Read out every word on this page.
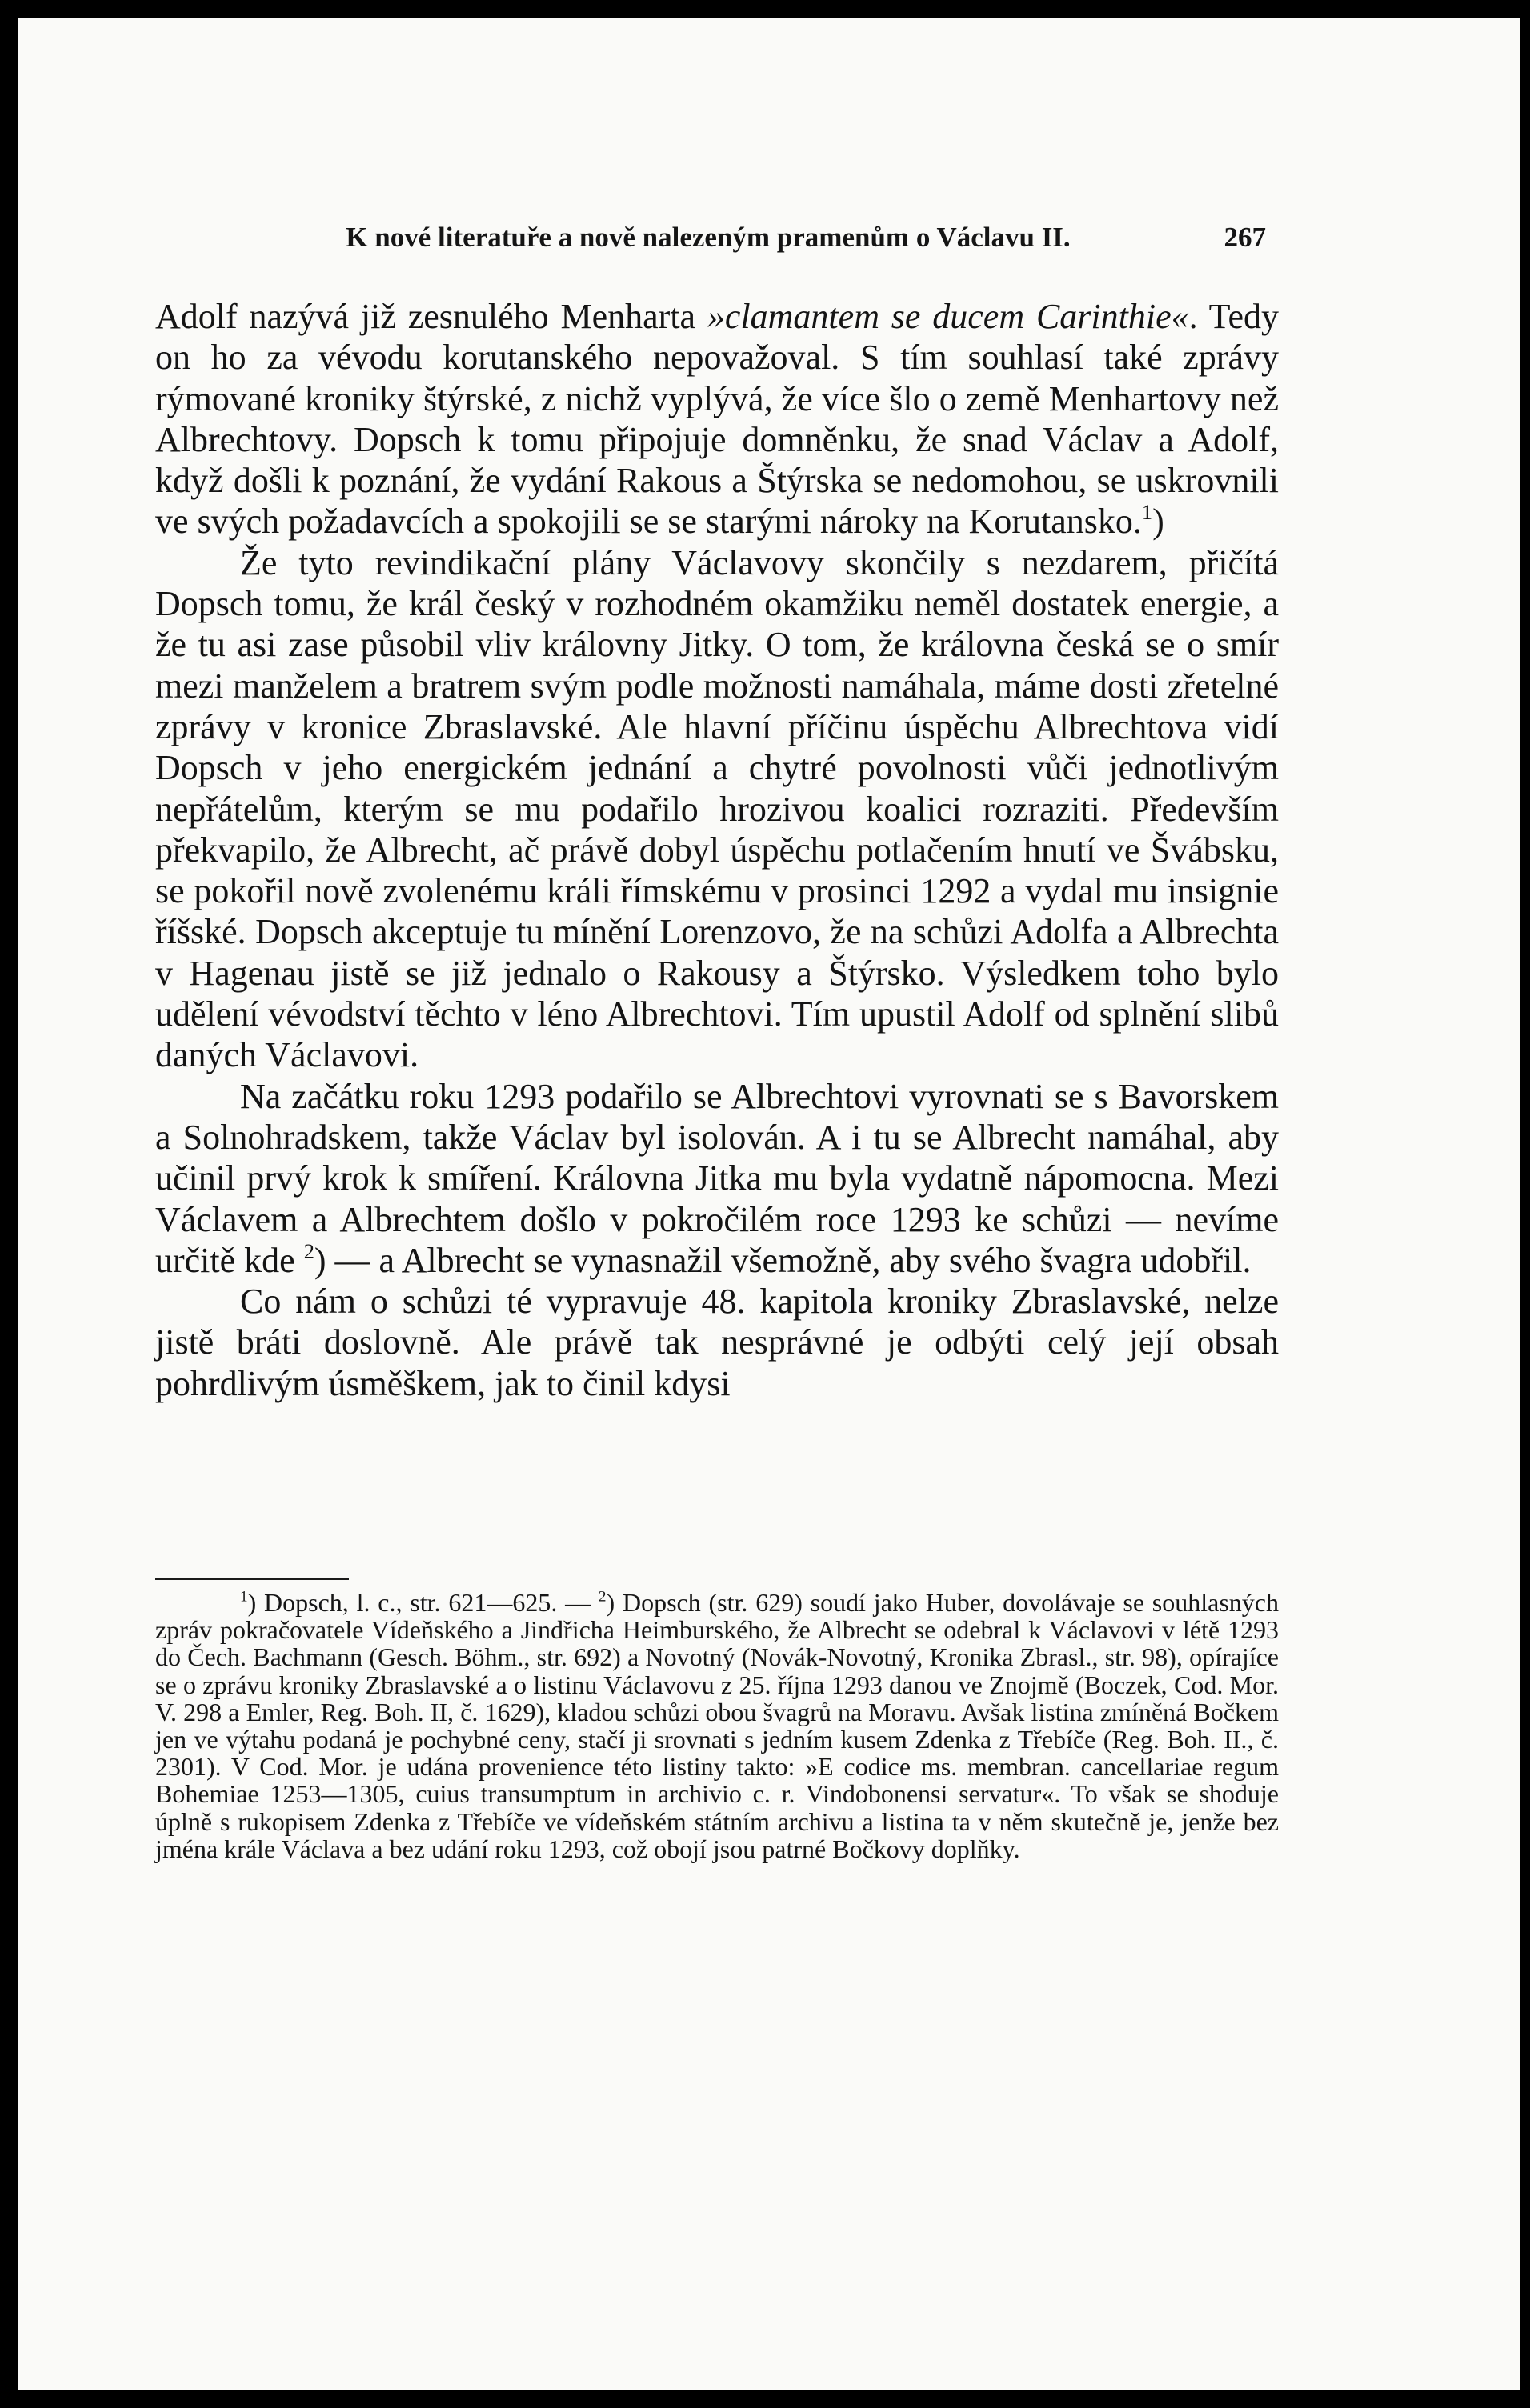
K nové literatuře a nově nalezeným pramenům o Václavu II.	267

Adolf nazývá již zesnulého Menharta »clamantem se ducem Carinthie«. Tedy on ho za vévodu korutanského nepovažoval. S tím souhlasí také zprávy rýmované kroniky štýrské, z nichž vyplývá, že více šlo o země Menhartovy než Albrechtovy. Dopsch k tomu připojuje domněnku, že snad Václav a Adolf, když došli k poznání, že vydání Rakous a Štýrska se nedomohou, se uskrovnili ve svých požadavcích a spokojili se se starými nároky na Korutansko.$^1$)

Že tyto revindikační plány Václavovy skončily s nezdarem, přičítá Dopsch tomu, že král český v rozhodném okamžiku neměl dostatek energie, a že tu asi zase působil vliv královny Jitky. O tom, že královna česká se o smír mezi manželem a bratrem svým podle možnosti namáhala, máme dosti zřetelné zprávy v kronice Zbraslavské. Ale hlavní příčinu úspěchu Albrechtova vidí Dopsch v jeho energickém jednání a chytré povolnosti vůči jednotlivým nepřátelům, kterým se mu podařilo hrozivou koalici rozraziti. Především překvapilo, že Albrecht, ač právě dobyl úspěchu potlačením hnutí ve Švábsku, se pokořil nově zvolenému králi římskému v prosinci 1292 a vydal mu insignie říšské. Dopsch akceptuje tu mínění Lorenzovo, že na schůzi Adolfa a Albrechta v Hagenau jistě se již jednalo o Rakousy a Štýrsko. Výsledkem toho bylo udělení vévodství těchto v léno Albrechtovi. Tím upustil Adolf od splnění slibů daných Václavovi.

Na začátku roku 1293 podařilo se Albrechtovi vyrovnati se s Bavorskem a Solnohradskem, takže Václav byl isolován. A i tu se Albrecht namáhal, aby učinil prvý krok k smíření. Královna Jitka mu byla vydatně nápomocna. Mezi Václavem a Albrechtem došlo v pokročilém roce 1293 ke schůzi — nevíme určitě kde $^2$) — a Albrecht se vynasnažil všemožně, aby svého švagra udobřil.

Co nám o schůzi té vypravuje 48. kapitola kroniky Zbraslavské, nelze jistě bráti doslovně. Ale právě tak nesprávné je odbýti celý její obsah pohrdlivým úsměškem, jak to činil kdysi

$^1$) Dopsch, l. c., str. 621—625. — $^2$) Dopsch (str. 629) soudí jako Huber, dovolávaje se souhlasných zpráv pokračovatele Vídeňského a Jindřicha Heimburského, že Albrecht se odebral k Václavovi v létě 1293 do Čech. Bachmann (Gesch. Böhm., str. 692) a Novotný (Novák-Novotný, Kronika Zbrasl., str. 98), opírajíce se o zprávu kroniky Zbraslavské a o listinu Václavovu z 25. října 1293 danou ve Znojmě (Boczek, Cod. Mor. V. 298 a Emler, Reg. Boh. II, č. 1629), kladou schůzi obou švagrů na Moravu. Avšak listina zmíněná Bočkem jen ve výtahu podaná je pochybné ceny, stačí ji srovnati s jedním kusem Zdenka z Třebíče (Reg. Boh. II., č. 2301). V Cod. Mor. je udána provenience této listiny takto: »E codice ms. membran. cancellariae regum Bohemiae 1253—1305, cuius transumptum in archivio c. r. Vindobonensi servatur«. To však se shoduje úplně s rukopisem Zdenka z Třebíče ve vídeňském státním archivu a listina ta v něm skutečně je, jenže bez jména krále Václava a bez udání roku 1293, což obojí jsou patrné Bočkovy doplňky.
